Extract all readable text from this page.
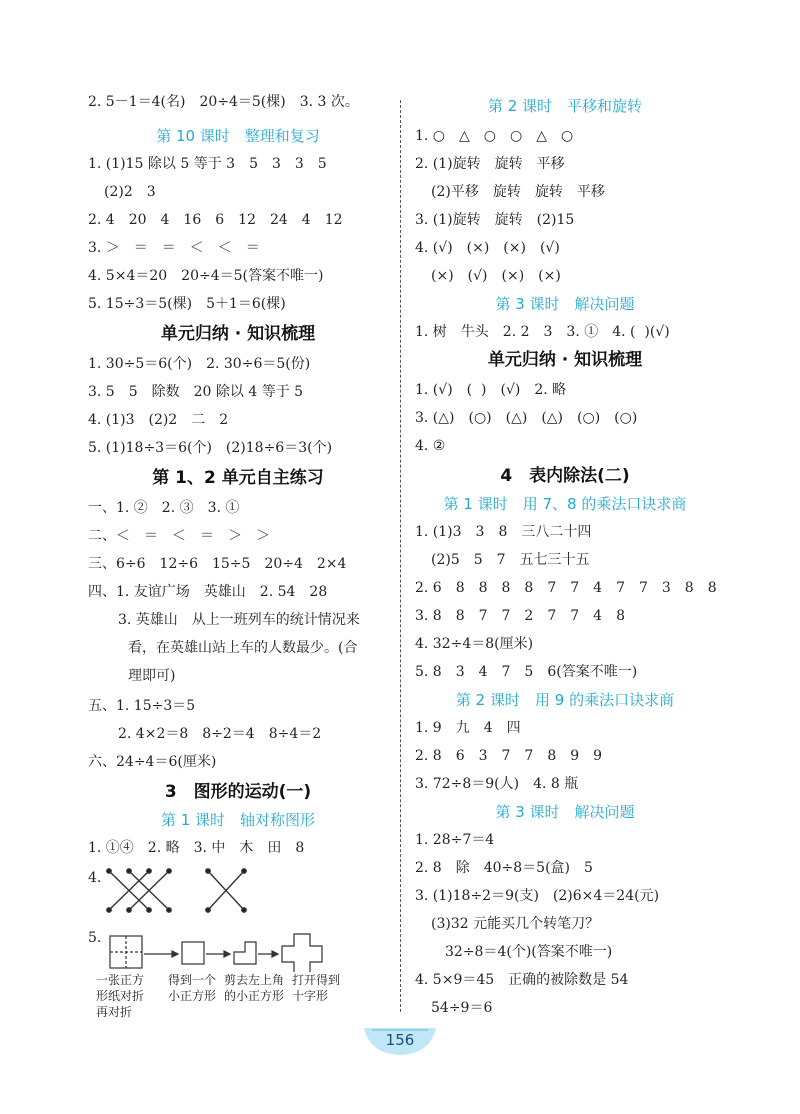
2. 5－1＝4(名)　20÷4＝5(棵)　3. 3 次。
第 10 课时　整理和复习
1. (1)15 除以 5 等于 3　5　3　3　5
(2)2　3
2. 4　20　4　16　6　12　24　4　12
3. ＞　＝　＝　＜　＜　＝
4. 5×4＝20　20÷4＝5(答案不唯一)
5. 15÷3＝5(棵)　5＋1＝6(棵)
单元归纳 · 知识梳理
1. 30÷5＝6(个)　2. 30÷6＝5(份)
3. 5　5　除数　20 除以 4 等于 5
4. (1)3　(2)2　二　2
5. (1)18÷3＝6(个)　(2)18÷6＝3(个)
第 1、2 单元自主练习
一、1. ②　2. ③　3. ①
二、＜　＝　＜　＝　＞　＞
三、6÷6　12÷6　15÷5　20÷4　2×4
四、1. 友谊广场　英雄山　2. 54　28
3. 英雄山　从上一班列车的统计情况来
看，在英雄山站上车的人数最少。(合
理即可)
五、1. 15÷3＝5
2. 4×2＝8　8÷2＝4　8÷4＝2
六、24÷4＝6(厘米)
3　图形的运动(一)
第 1 课时　轴对称图形
1. ①④　2. 略　3. 中　木　田　8
4.
5.
一张正方
形纸对折
再对折
得到一个
小正方形
剪去左上角
的小正方形
打开得到
十字形
第 2 课时　平移和旋转
1. ○　△　○　○　△　○
2. (1)旋转　旋转　平移
(2)平移　旋转　旋转　平移
3. (1)旋转　旋转　(2)15
4. (√)　(×)　(×)　(√)
(×)　(√)　(×)　(×)
第 3 课时　解决问题
1. 树　牛头　2. 2　3　3. ①　4. (  )(√)
单元归纳 · 知识梳理
1. (√)　(  )　(√)　2. 略
3. (△)　(○)　(△)　(△)　(○)　(○)
4. ②
4　表内除法(二)
第 1 课时　用 7、8 的乘法口诀求商
1. (1)3　3　8　三八二十四
(2)5　5　7　五七三十五
2. 6　8　8　8　8　7　7　4　7　7　3　8　8
3. 8　8　7　7　2　7　7　4　8
4. 32÷4＝8(厘米)
5. 8　3　4　7　5　6(答案不唯一)
第 2 课时　用 9 的乘法口诀求商
1. 9　九　4　四
2. 8　6　3　7　7　8　9　9
3. 72÷8＝9(人)　4. 8 瓶
第 3 课时　解决问题
1. 28÷7＝4
2. 8　除　40÷8＝5(盒)　5
3. (1)18÷2＝9(支)　(2)6×4＝24(元)
(3)32 元能买几个转笔刀？
32÷8＝4(个)(答案不唯一)
4. 5×9＝45　正确的被除数是 54
54÷9＝6
156
